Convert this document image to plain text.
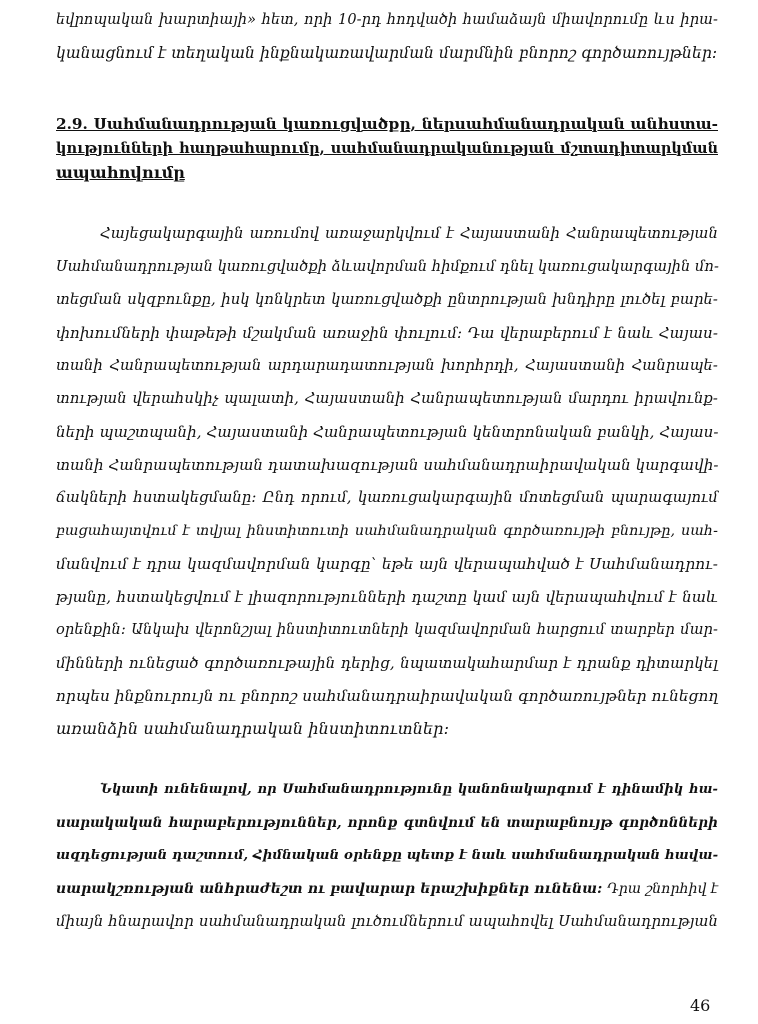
եվրոպական խարտիայի» հետ, որի 10-րդ հոդվածի համաձայն միավորումը ևս իրա-
կանացնում է տեղական ինքնակառավարման մարմնին բնորոշ գործառույթներ:
2.9. Սահմանադրության կառուցվածքը, ներսահմանադրական անհստա-
կությունների հաղթահարումը, սահմանադրականության մշտադիտարկման
ապահովումը
Հայեցակարգային առումով առաջարկվում է Հայաստանի Հանրապետության
Սահմանադրության կառուցվածքի ձևավորման հիմքում դնել կառուցակարգային մո-
տեցման սկզբունքը, իսկ կոնկրետ կառուցվածքի ընտրության խնդիրը լուծել բարե-
փոխումների փաթեթի մշակման առաջին փուլում: Դա վերաբերում է նաև Հայաս-
տանի Հանրապետության արդարադատության խորհրդի, Հայաստանի Հանրապե-
տության վերահսկիչ պալատի, Հայաստանի Հանրապետության մարդու իրավունք-
ների պաշտպանի, Հայաստանի Հանրապետության կենտրոնական բանկի, Հայաս-
տանի Հանրապետության դատախազության սահմանադրաիրավական կարգավի-
ճակների հստակեցմանը: Ընդ որում, կառուցակարգային մոտեցման պարագայում
բացահայտվում է տվյալ ինստիտուտի սահմանադրական գործառույթի բնույթը, սահ-
մանվում է դրա կազմավորման կարգը՝ եթե այն վերապահված է Սահմանադրու-
թյանը, հստակեցվում է լիազորությունների դաշտը կամ այն վերապահվում է նաև
օրենքին: Անկախ վերոնշյալ ինստիտուտների կազմավորման հարցում տարբեր մար-
մինների ունեցած գործառութային դերից, նպատակահարմար է դրանք դիտարկել
որպես ինքնուրույն ու բնորոշ սահմանադրաիրավական գործառույթներ ունեցող
առանձին սահմանադրական ինստիտուտներ:
Նկատի ունենալով, որ Սահմանադրությունը կանոնակարգում է դինամիկ հա-
սարակական հարաբերություններ, որոնք գտնվում են տարաբնույթ գործոնների
ազդեցության դաշտում, Հիմնական օրենքը պետք է նաև սահմանադրական հավա-
սարակշռության անհրաժեշտ ու բավարար երաշխիքներ ունենա: Դրա շնորհիվ է
միայն հնարավոր սահմանադրական լուծումներում ապահովել Սահմանադրության
46
